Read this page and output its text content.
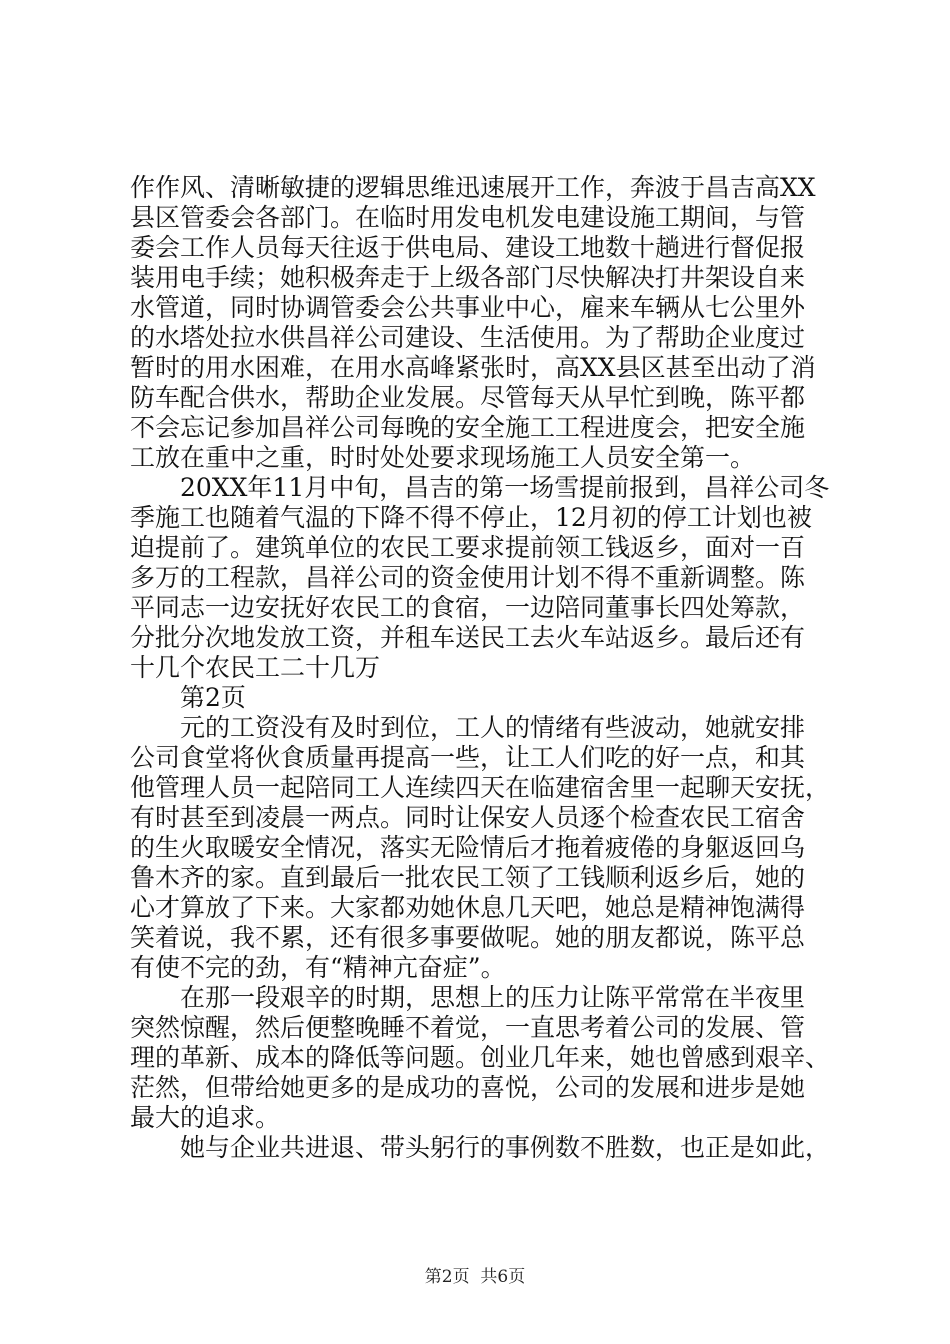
作作风、清晰敏捷的逻辑思维迅速展开工作，奔波于昌吉高XX
县区管委会各部门。在临时用发电机发电建设施工期间，与管
委会工作人员每天往返于供电局、建设工地数十趟进行督促报
装用电手续；她积极奔走于上级各部门尽快解决打井架设自来
水管道，同时协调管委会公共事业中心，雇来车辆从七公里外
的水塔处拉水供昌祥公司建设、生活使用。为了帮助企业度过
暂时的用水困难，在用水高峰紧张时，高XX县区甚至出动了消
防车配合供水，帮助企业发展。尽管每天从早忙到晚，陈平都
不会忘记参加昌祥公司每晚的安全施工工程进度会，把安全施
工放在重中之重，时时处处要求现场施工人员安全第一。
20XX年11月中旬，昌吉的第一场雪提前报到，昌祥公司冬
季施工也随着气温的下降不得不停止，12月初的停工计划也被
迫提前了。建筑单位的农民工要求提前领工钱返乡，面对一百
多万的工程款，昌祥公司的资金使用计划不得不重新调整。陈
平同志一边安抚好农民工的食宿，一边陪同董事长四处筹款，
分批分次地发放工资，并租车送民工去火车站返乡。最后还有
十几个农民工二十几万
第2页
元的工资没有及时到位，工人的情绪有些波动，她就安排
公司食堂将伙食质量再提高一些，让工人们吃的好一点，和其
他管理人员一起陪同工人连续四天在临建宿舍里一起聊天安抚，
有时甚至到凌晨一两点。同时让保安人员逐个检查农民工宿舍
的生火取暖安全情况，落实无险情后才拖着疲倦的身躯返回乌
鲁木齐的家。直到最后一批农民工领了工钱顺利返乡后，她的
心才算放了下来。大家都劝她休息几天吧，她总是精神饱满得
笑着说，我不累，还有很多事要做呢。她的朋友都说，陈平总
有使不完的劲，有“精神亢奋症”。
在那一段艰辛的时期，思想上的压力让陈平常常在半夜里
突然惊醒，然后便整晚睡不着觉，一直思考着公司的发展、管
理的革新、成本的降低等问题。创业几年来，她也曾感到艰辛、
茫然，但带给她更多的是成功的喜悦，公司的发展和进步是她
最大的追求。
她与企业共进退、带头躬行的事例数不胜数，也正是如此，
第2页  共6页
